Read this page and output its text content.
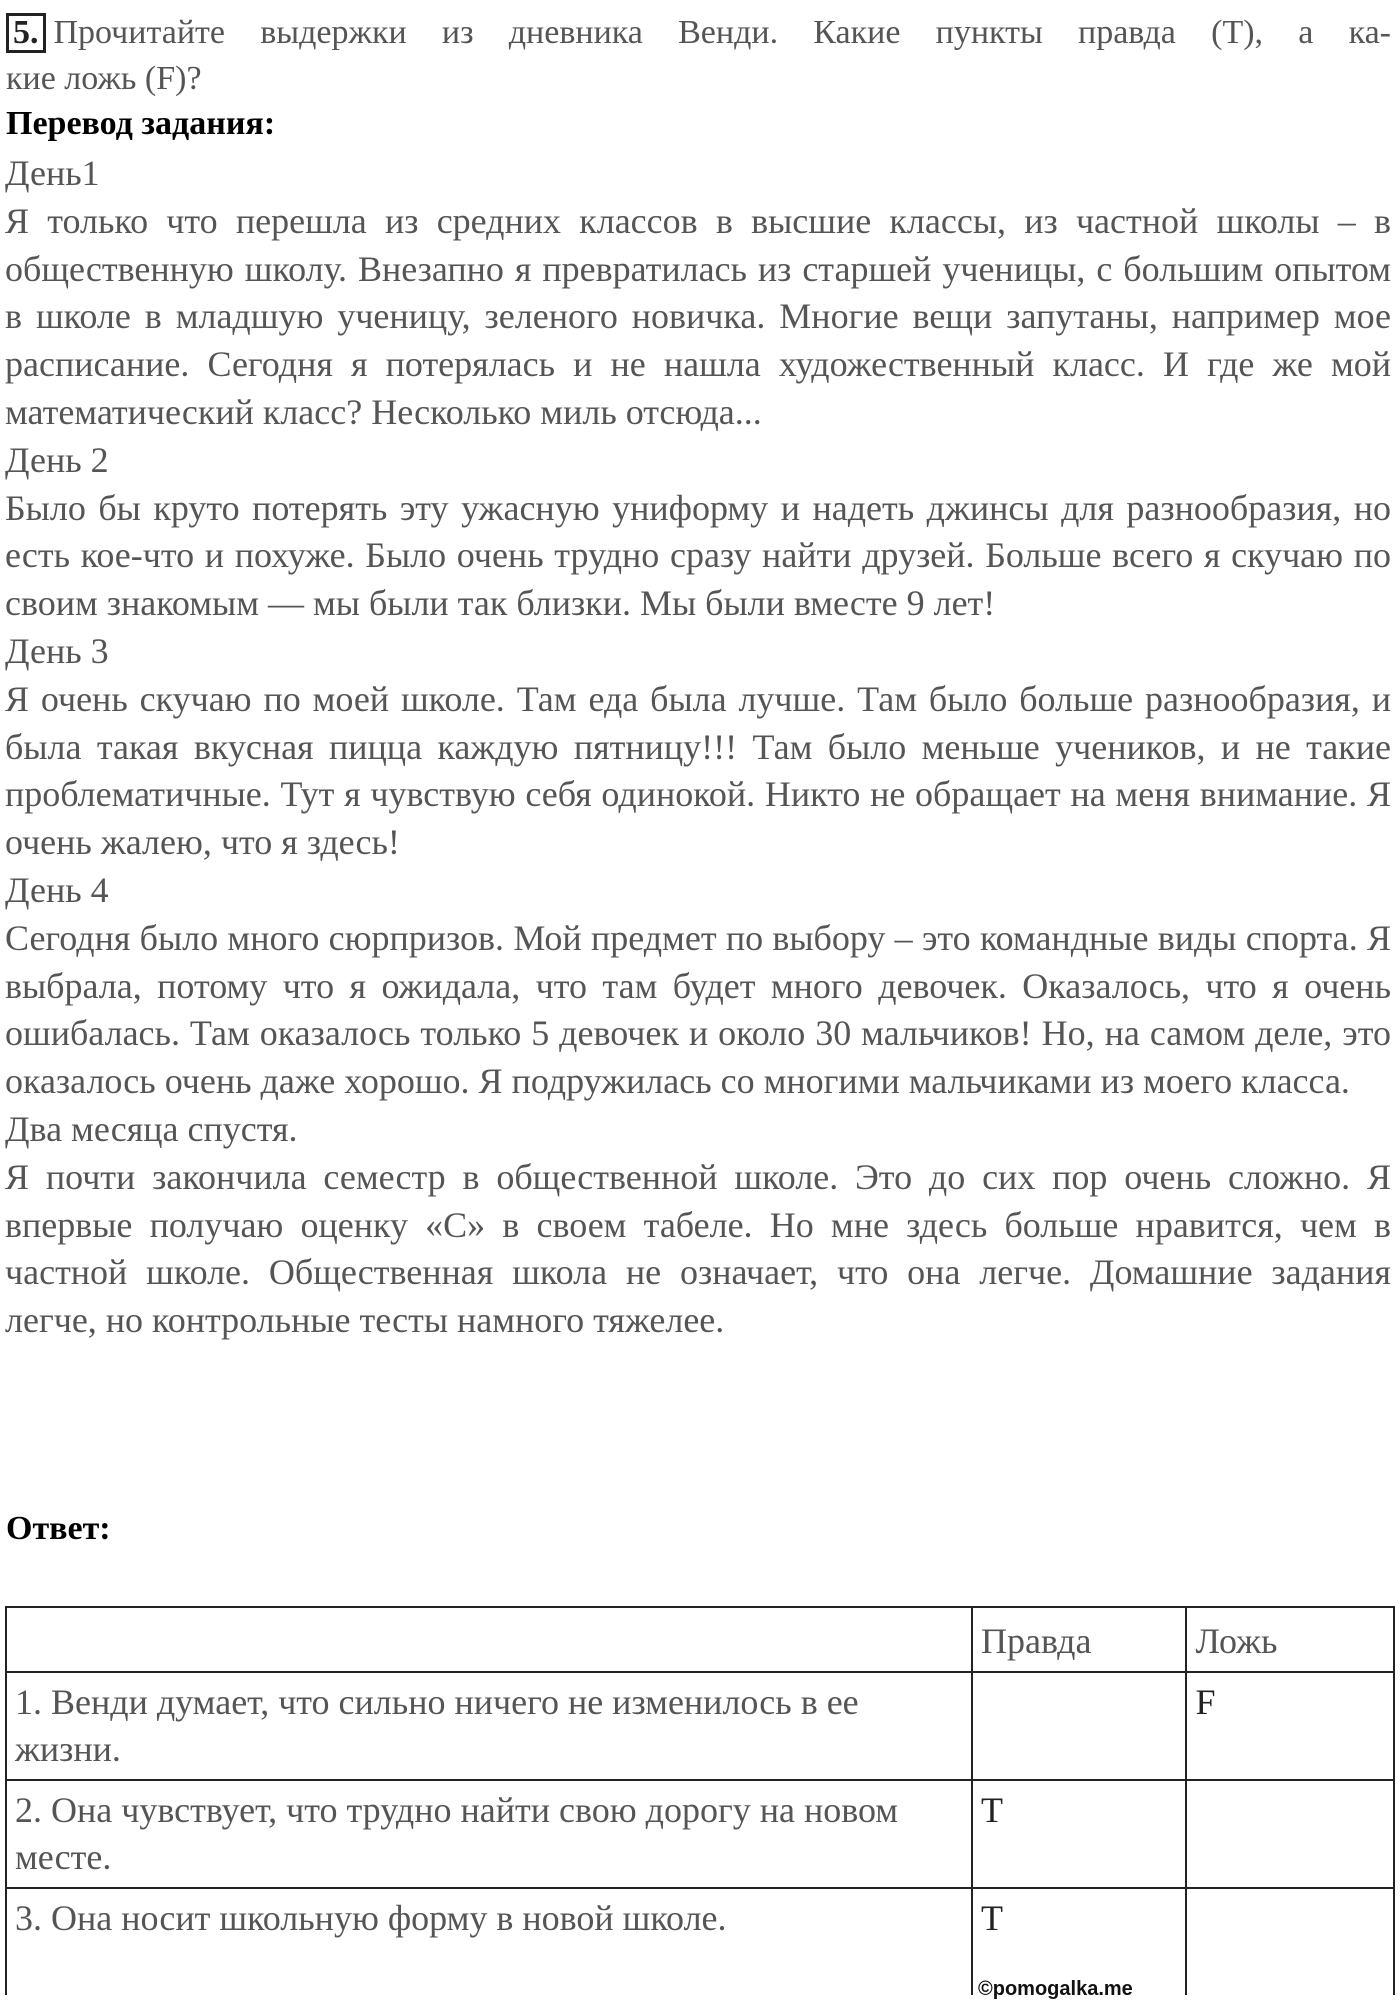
5. Прочитайте выдержки из дневника Венди. Какие пункты правда (T), а ка-
кие ложь (F)?
Перевод задания:
День1
Я только что перешла из средних классов в высшие классы, из частной школы – в общественную школу. Внезапно я превратилась из старшей ученицы, с большим опытом в школе в младшую ученицу, зеленого новичка. Многие вещи запутаны, например мое расписание. Сегодня я потерялась и не нашла художественный класс. И где же мой математический класс? Несколько миль отсюда...
День 2
Было бы круто потерять эту ужасную униформу и надеть джинсы для разнообразия, но есть кое-что и похуже. Было очень трудно сразу найти друзей. Больше всего я скучаю по своим знакомым — мы были так близки. Мы были вместе 9 лет!
День 3
Я очень скучаю по моей школе. Там еда была лучше. Там было больше разнообразия, и была такая вкусная пицца каждую пятницу!!! Там было меньше учеников, и не такие проблематичные. Тут я чувствую себя одинокой. Никто не обращает на меня внимание. Я очень жалею, что я здесь!
День 4
Сегодня было много сюрпризов. Мой предмет по выбору – это командные виды спорта. Я выбрала, потому что я ожидала, что там будет много девочек. Оказалось, что я очень ошибалась. Там оказалось только 5 девочек и около 30 мальчиков! Но, на самом деле, это оказалось очень даже хорошо. Я подружилась со многими мальчиками из моего класса.
Два месяца спустя.
Я почти закончила семестр в общественной школе. Это до сих пор очень сложно. Я впервые получаю оценку «C» в своем табеле. Но мне здесь больше нравится, чем в частной школе. Общественная школа не означает, что она легче. Домашние задания легче, но контрольные тесты намного тяжелее.
Ответ:
	Правда	Ложь
1. Венди думает, что сильно ничего не изменилось в ее жизни.		F
2. Она чувствует, что трудно найти свою дорогу на новом месте.	T	
3. Она носит школьную форму в новой школе.	T	
©pomogalka.me
